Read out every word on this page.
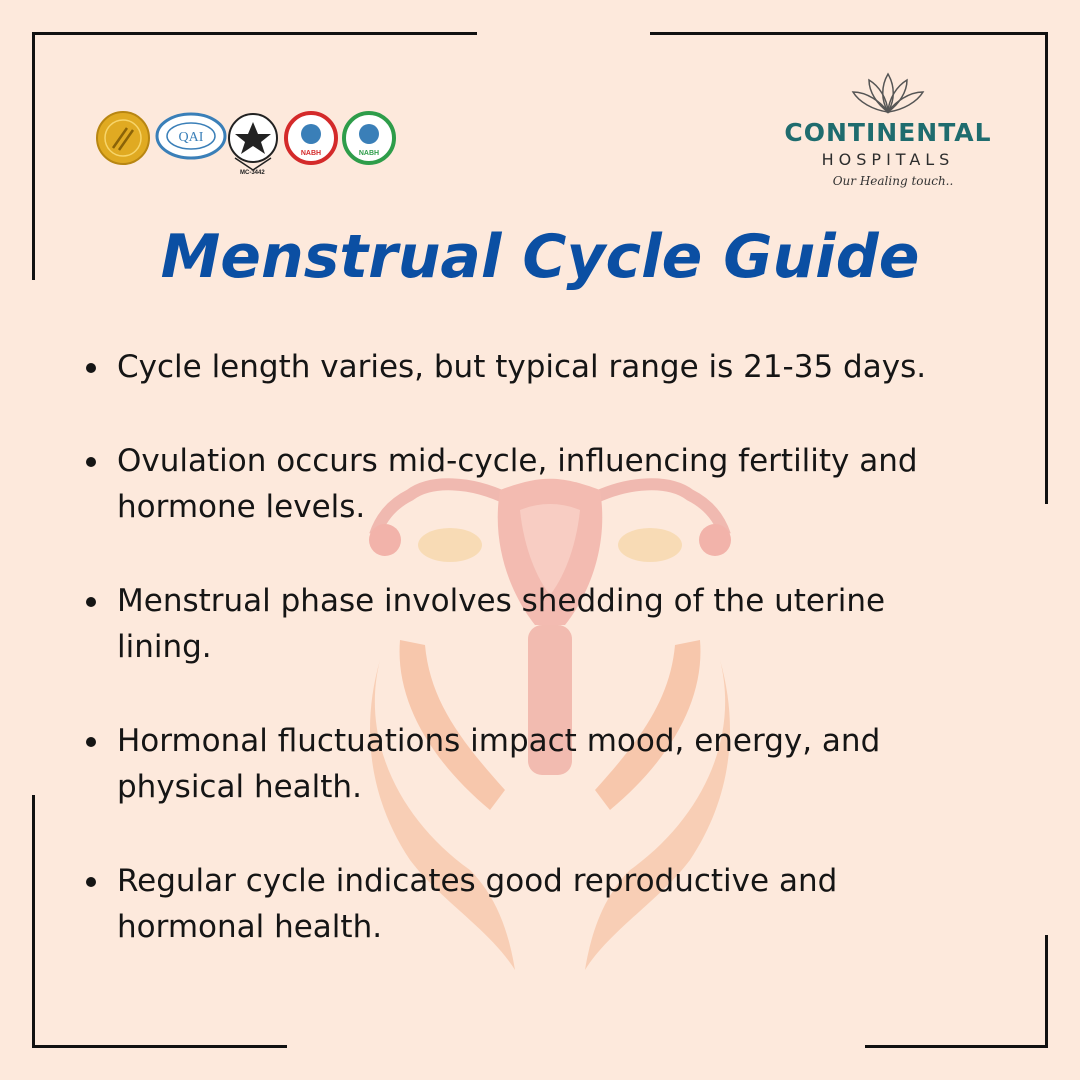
QAI
NABH	NABH
MC-3442
CONTINENTAL
HOSPITALS
Our Healing touch..
Menstrual Cycle Guide
Cycle length varies, but typical range is 21-35 days.
Ovulation occurs mid-cycle, influencing fertility and hormone levels.
Menstrual phase involves shedding of the uterine lining.
Hormonal fluctuations impact mood, energy, and physical health.
Regular cycle indicates good reproductive and hormonal health.
